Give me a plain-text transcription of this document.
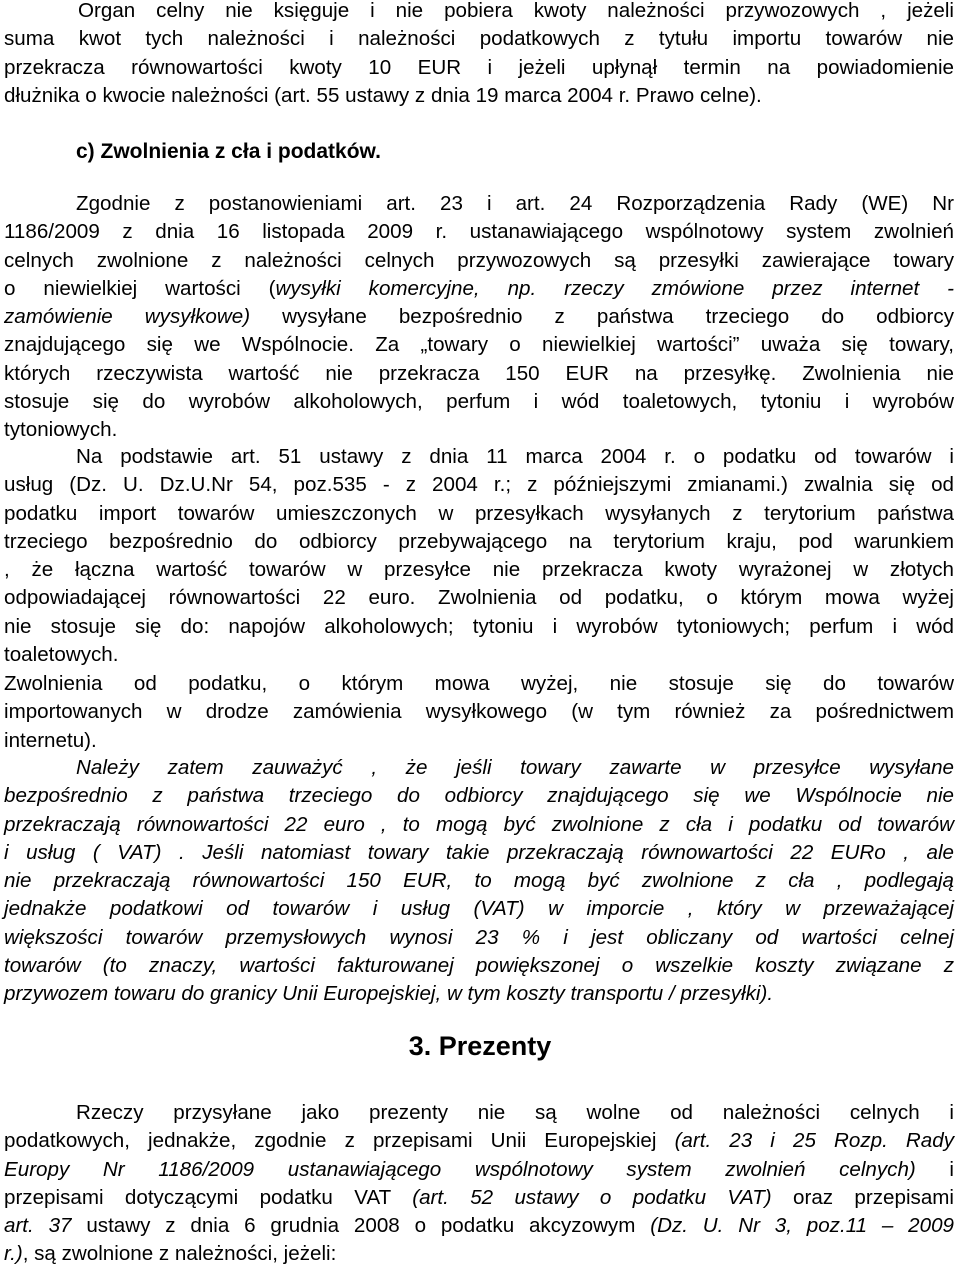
Organ celny nie księguje i nie pobiera kwoty należności przywozowych , jeżeli
suma kwot tych należności i należności podatkowych z tytułu importu towarów nie
przekracza równowartości kwoty 10 EUR i jeżeli upłynął termin na powiadomienie
dłużnika o kwocie należności (art. 55 ustawy z dnia 19 marca 2004 r. Prawo celne).
c) Zwolnienia z cła i podatków.
Zgodnie z postanowieniami art. 23 i art. 24 Rozporządzenia Rady (WE) Nr
1186/2009 z dnia 16 listopada 2009 r. ustanawiającego wspólnotowy system zwolnień
celnych zwolnione z należności celnych przywozowych są przesyłki zawierające towary
o niewielkiej wartości (wysyłki komercyjne, np. rzeczy zmówione przez internet -
zamówienie wysyłkowe) wysyłane bezpośrednio z państwa trzeciego do odbiorcy
znajdującego się we Wspólnocie. Za „towary o niewielkiej wartości” uważa się towary,
których rzeczywista wartość nie przekracza 150 EUR na przesyłkę. Zwolnienia nie
stosuje się do wyrobów alkoholowych, perfum i wód toaletowych, tytoniu i wyrobów
tytoniowych.
Na podstawie art. 51 ustawy z dnia 11 marca 2004 r. o podatku od towarów i
usług (Dz. U. Dz.U.Nr 54, poz.535 - z 2004 r.; z późniejszymi zmianami.) zwalnia się od
podatku import towarów umieszczonych w przesyłkach wysyłanych z terytorium państwa
trzeciego bezpośrednio do odbiorcy przebywającego na terytorium kraju, pod warunkiem
, że łączna wartość towarów w przesyłce nie przekracza kwoty wyrażonej w złotych
odpowiadającej równowartości 22 euro. Zwolnienia od podatku, o którym mowa wyżej
nie stosuje się do: napojów alkoholowych; tytoniu i wyrobów tytoniowych; perfum i wód
toaletowych.
Zwolnienia od podatku, o którym mowa wyżej, nie stosuje się do towarów
importowanych w drodze zamówienia wysyłkowego (w tym również za pośrednictwem
internetu).
Należy zatem zauważyć , że jeśli towary zawarte w przesyłce wysyłane
bezpośrednio z państwa trzeciego do odbiorcy znajdującego się we Wspólnocie nie
przekraczają równowartości 22 euro , to mogą być zwolnione z cła i podatku od towarów
i usług ( VAT) . Jeśli natomiast towary takie przekraczają równowartości 22 EURo , ale
nie przekraczają równowartości 150 EUR, to mogą być zwolnione z cła , podlegają
jednakże podatkowi od towarów i usług (VAT) w imporcie , który w przeważającej
większości towarów przemysłowych wynosi 23 % i jest obliczany od wartości celnej
towarów (to znaczy, wartości fakturowanej powiększonej o wszelkie koszty związane z
przywozem towaru do granicy Unii Europejskiej, w tym koszty transportu / przesyłki).
3. Prezenty
Rzeczy przysyłane jako prezenty nie są wolne od należności celnych i
podatkowych, jednakże, zgodnie z przepisami Unii Europejskiej (art. 23 i 25 Rozp. Rady
Europy Nr 1186/2009 ustanawiającego wspólnotowy system zwolnień celnych) i
przepisami dotyczącymi podatku VAT (art. 52 ustawy o podatku VAT) oraz przepisami
art. 37 ustawy z dnia 6 grudnia 2008 o podatku akcyzowym (Dz. U. Nr 3, poz.11 – 2009
r.), są zwolnione z należności, jeżeli:
